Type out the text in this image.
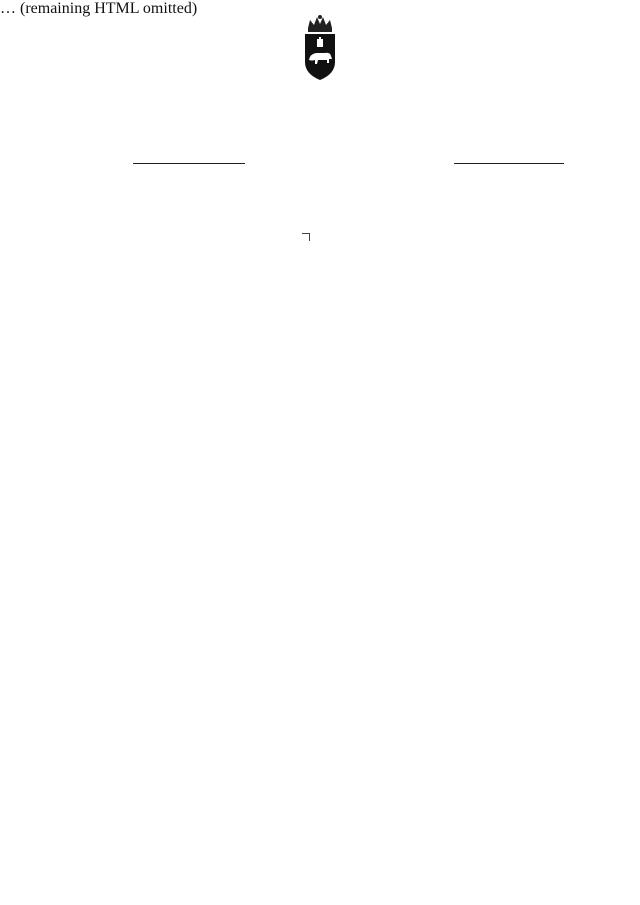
… (remaining HTML omitted)
